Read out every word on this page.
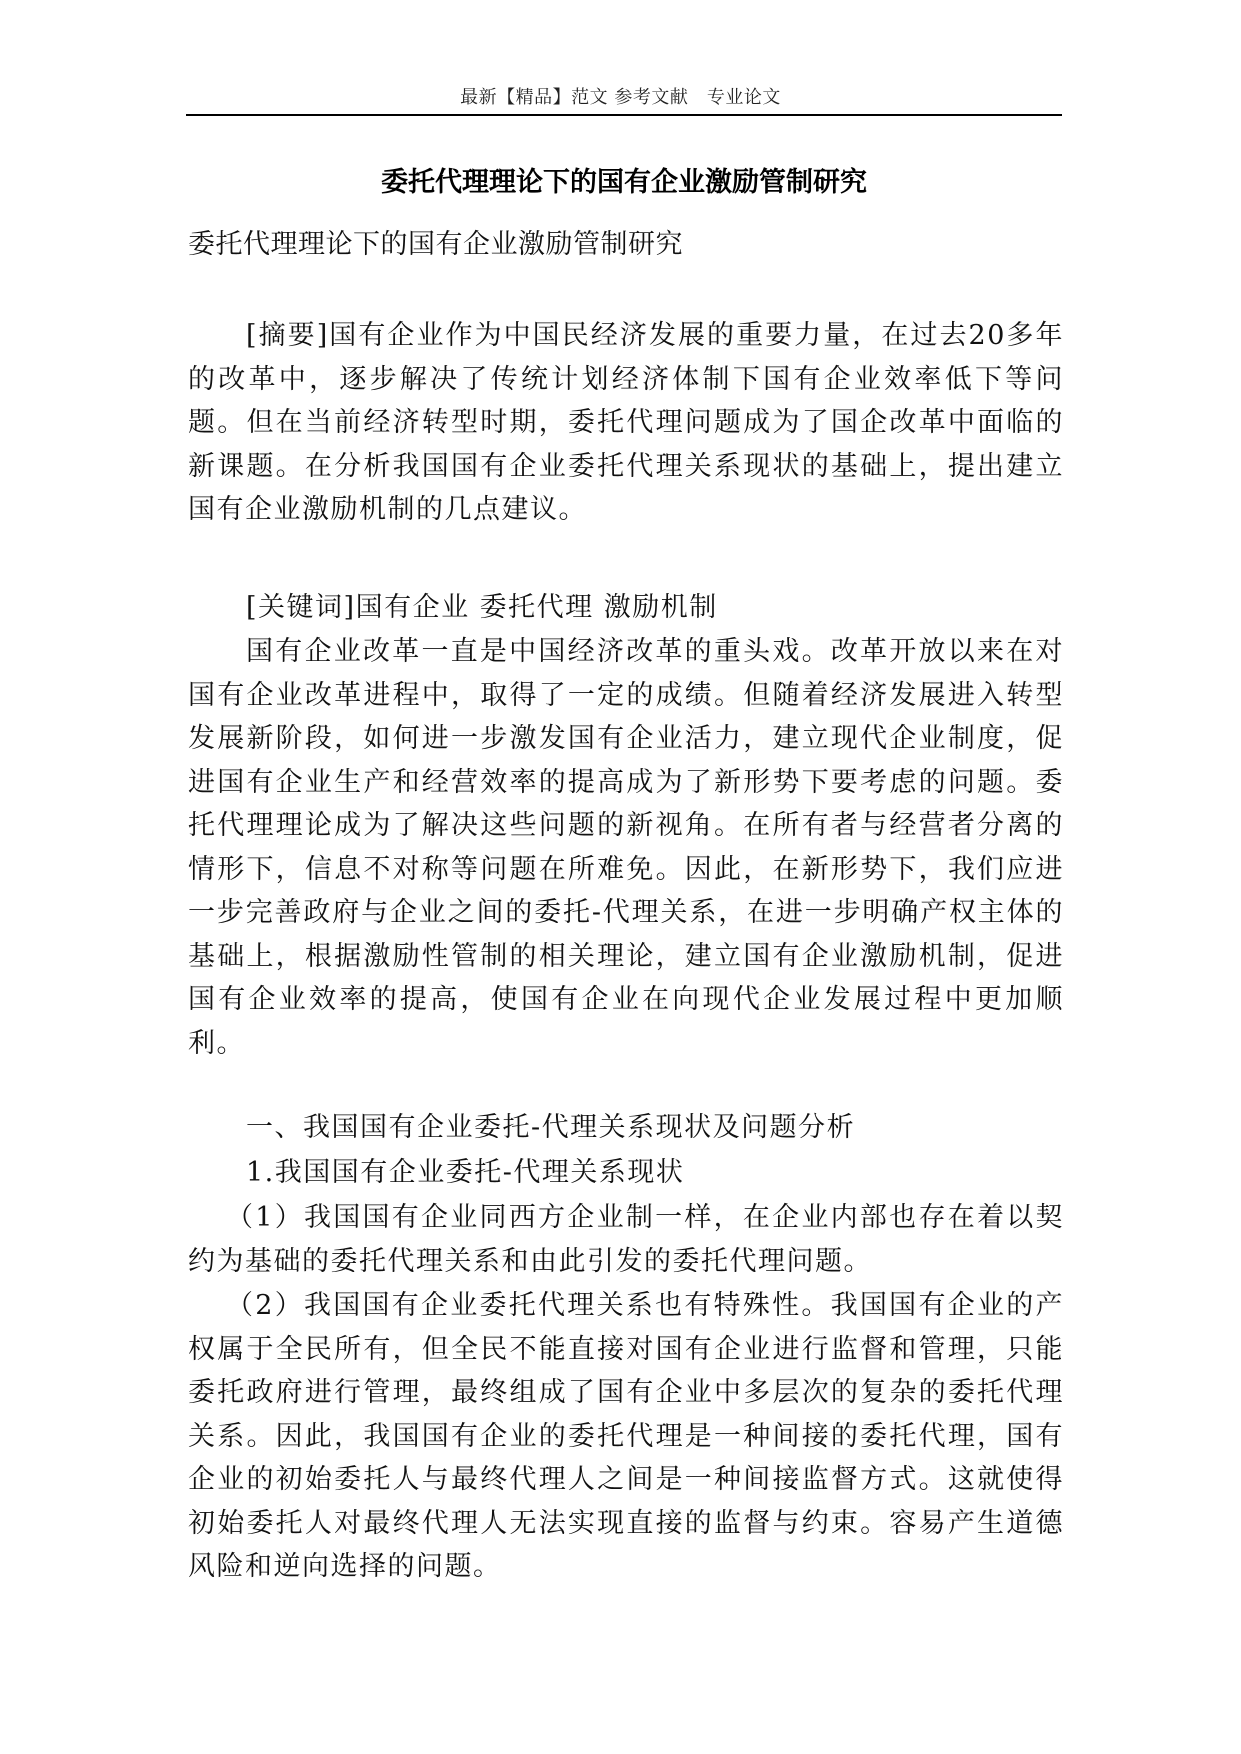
最新【精品】范文 参考文献　专业论文
委托代理理论下的国有企业激励管制研究
委托代理理论下的国有企业激励管制研究

[摘要]国有企业作为中国民经济发展的重要力量，在过去20多年的改革中，逐步解决了传统计划经济体制下国有企业效率低下等问题。但在当前经济转型时期，委托代理问题成为了国企改革中面临的新课题。在分析我国国有企业委托代理关系现状的基础上，提出建立国有企业激励机制的几点建议。

[关键词]国有企业 委托代理 激励机制

国有企业改革一直是中国经济改革的重头戏。改革开放以来在对国有企业改革进程中，取得了一定的成绩。但随着经济发展进入转型发展新阶段，如何进一步激发国有企业活力，建立现代企业制度，促进国有企业生产和经营效率的提高成为了新形势下要考虑的问题。委托代理理论成为了解决这些问题的新视角。在所有者与经营者分离的情形下，信息不对称等问题在所难免。因此，在新形势下，我们应进一步完善政府与企业之间的委托-代理关系，在进一步明确产权主体的基础上，根据激励性管制的相关理论，建立国有企业激励机制，促进国有企业效率的提高，使国有企业在向现代企业发展过程中更加顺利。

一、我国国有企业委托-代理关系现状及问题分析

1.我国国有企业委托-代理关系现状

（1）我国国有企业同西方企业制一样，在企业内部也存在着以契约为基础的委托代理关系和由此引发的委托代理问题。

（2）我国国有企业委托代理关系也有特殊性。我国国有企业的产权属于全民所有，但全民不能直接对国有企业进行监督和管理，只能委托政府进行管理，最终组成了国有企业中多层次的复杂的委托代理关系。因此，我国国有企业的委托代理是一种间接的委托代理，国有企业的初始委托人与最终代理人之间是一种间接监督方式。这就使得初始委托人对最终代理人无法实现直接的监督与约束。容易产生道德风险和逆向选择的问题。
